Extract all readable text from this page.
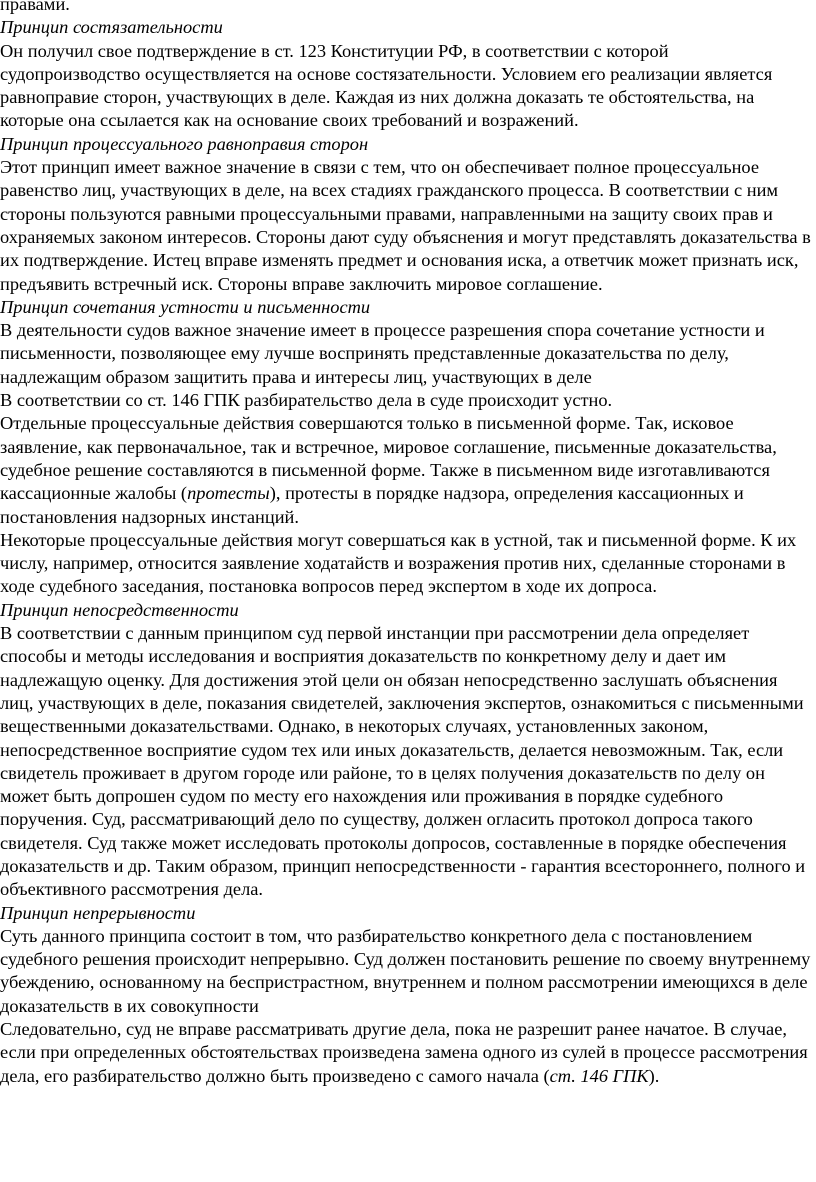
правами.

Принцип состязательности

Он получил свое подтверждение в ст. 123 Конституции РФ, в соответствии с которой судопроизводство осуществляется на основе состязательности. Условием его реализации является равноправие сторон, участвующих в деле. Каждая из них должна доказать те обстоятельства, на которые она ссылается как на основание своих требований и возражений.

Принцип процессуального равноправия сторон

Этот принцип имеет важное значение в связи с тем, что он обеспечивает полное процессуальное равенство лиц, участвующих в деле, на всех стадиях гражданского процесса. В соответствии с ним стороны пользуются равными процессуальными правами, направленными на защиту своих прав и охраняемых законом интересов. Стороны дают суду объяснения и могут представлять доказательства в их подтверждение. Истец вправе изменять предмет и основания иска, а ответчик может признать иск, предъявить встречный иск. Стороны вправе заключить мировое соглашение.

Принцип сочетания устности и письменности

В деятельности судов важное значение имеет в процессе разрешения спора сочетание устности и письменности, позволяющее ему лучше воспринять представленные доказательства по делу, надлежащим образом защитить права и интересы лиц, участвующих в деле

В соответствии со ст. 146 ГПК разбирательство дела в суде происходит устно.

Отдельные процессуальные действия совершаются только в письменной форме. Так, исковое заявление, как первоначальное, так и встречное, мировое соглашение, письменные доказательства, судебное решение составляются в письменной форме. Также в письменном виде изготавливаются кассационные жалобы (протесты), протесты в порядке надзора, определения кассационных и постановления надзорных инстанций.

Некоторые процессуальные действия могут совершаться как в устной, так и письменной форме. К их числу, например, относится заявление ходатайств и возражения против них, сделанные сторонами в ходе судебного заседания, постановка вопросов перед экспертом в ходе их допроса.

Принцип непосредственности

В соответствии с данным принципом суд первой инстанции при рассмотрении дела определяет способы и методы исследования и восприятия доказательств по конкретному делу и дает им надлежащую оценку. Для достижения этой цели он обязан непосредственно заслушать объяснения лиц, участвующих в деле, показания свидетелей, заключения экспертов, ознакомиться с письменными вещественными доказательствами. Однако, в некоторых случаях, установленных законом, непосредственное восприятие судом тех или иных доказательств, делается невозможным. Так, если свидетель проживает в другом городе или районе, то в целях получения доказательств по делу он может быть допрошен судом по месту его нахождения или проживания в порядке судебного поручения. Суд, рассматривающий дело по существу, должен огласить протокол допроса такого свидетеля. Суд также может исследовать протоколы допросов, составленные в порядке обеспечения доказательств и др. Таким образом, принцип непосредственности - гарантия всестороннего, полного и объективного рассмотрения дела.

Принцип непрерывности

Суть данного принципа состоит в том, что разбирательство конкретного дела с постановлением судебного решения происходит непрерывно. Суд должен постановить решение по своему внутреннему убеждению, основанному на беспристрастном, внутреннем и полном рассмотрении имеющихся в деле доказательств в их совокупности

Следовательно, суд не вправе рассматривать другие дела, пока не разрешит ранее начатое. В случае, если при определенных обстоятельствах произведена замена одного из сулей в процессе рассмотрения дела, его разбирательство должно быть произведено с самого начала (ст. 146 ГПК).
